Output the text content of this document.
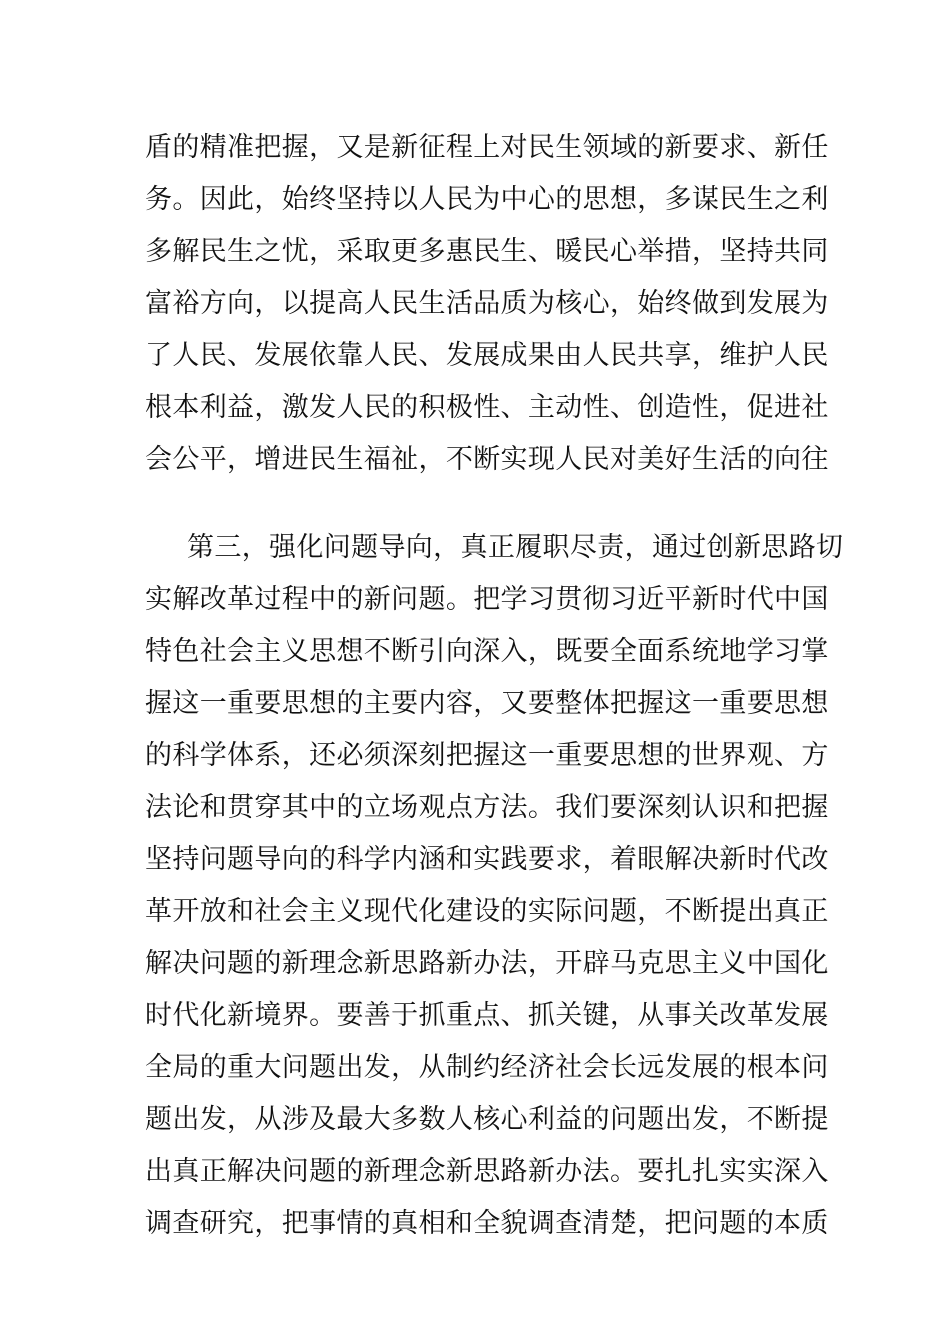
盾的精准把握，又是新征程上对民生领域的新要求、新任
务。因此，始终坚持以人民为中心的思想，多谋民生之利
多解民生之忧，采取更多惠民生、暖民心举措，坚持共同
富裕方向，以提高人民生活品质为核心，始终做到发展为
了人民、发展依靠人民、发展成果由人民共享，维护人民
根本利益，激发人民的积极性、主动性、创造性，促进社
会公平，增进民生福祉，不断实现人民对美好生活的向往
第三，强化问题导向，真正履职尽责，通过创新思路切
实解改革过程中的新问题。把学习贯彻习近平新时代中国
特色社会主义思想不断引向深入，既要全面系统地学习掌
握这一重要思想的主要内容，又要整体把握这一重要思想
的科学体系，还必须深刻把握这一重要思想的世界观、方
法论和贯穿其中的立场观点方法。我们要深刻认识和把握
坚持问题导向的科学内涵和实践要求，着眼解决新时代改
革开放和社会主义现代化建设的实际问题，不断提出真正
解决问题的新理念新思路新办法，开辟马克思主义中国化
时代化新境界。要善于抓重点、抓关键，从事关改革发展
全局的重大问题出发，从制约经济社会长远发展的根本问
题出发，从涉及最大多数人核心利益的问题出发，不断提
出真正解决问题的新理念新思路新办法。要扎扎实实深入
调查研究，把事情的真相和全貌调查清楚，把问题的本质
